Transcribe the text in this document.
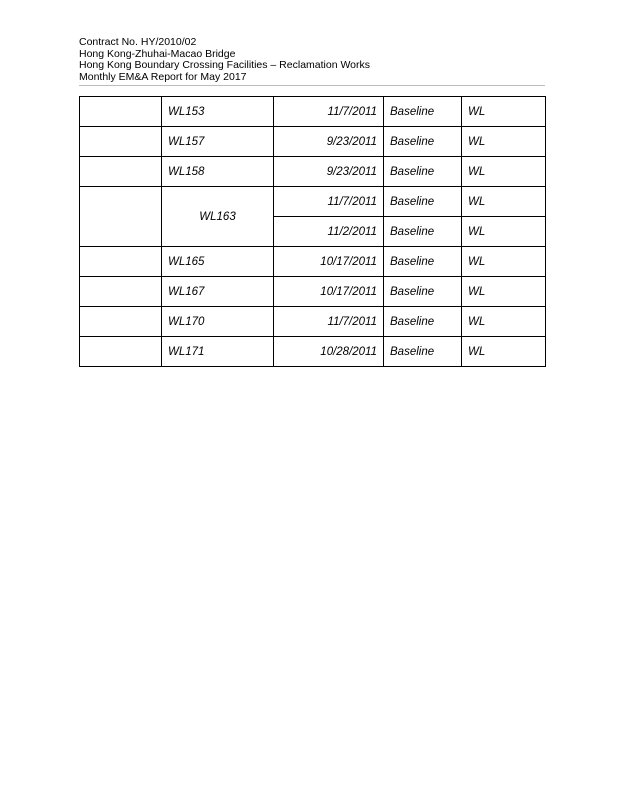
Contract No. HY/2010/02
Hong Kong-Zhuhai-Macao Bridge
Hong Kong Boundary Crossing Facilities – Reclamation Works
Monthly EM&A Report for May 2017
	WL153	11/7/2011	Baseline	WL
	WL157	9/23/2011	Baseline	WL
	WL158	9/23/2011	Baseline	WL
	WL163	11/7/2011	Baseline	WL
		11/2/2011	Baseline	WL
	WL165	10/17/2011	Baseline	WL
	WL167	10/17/2011	Baseline	WL
	WL170	11/7/2011	Baseline	WL
	WL171	10/28/2011	Baseline	WL
